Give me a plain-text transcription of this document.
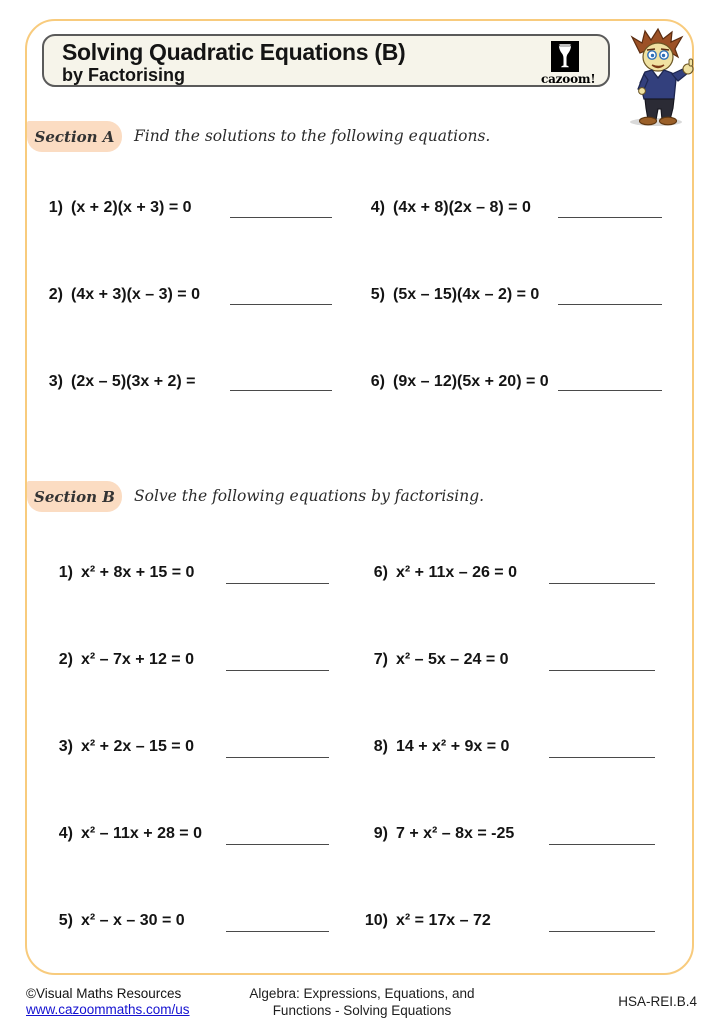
Solving Quadratic Equations (B)
by Factorising	cazoom!
Section A	Find the solutions to the following equations.
1) (x + 2)(x + 3) = 0
2) (4x + 3)(x – 3) = 0
3) (2x – 5)(3x + 2) =
4) (4x + 8)(2x – 8) = 0
5) (5x – 15)(4x – 2) = 0
6) (9x – 12)(5x + 20) = 0
Section B	Solve the following equations by factorising.
1) x² + 8x + 15 = 0
2) x² – 7x + 12 = 0
3) x² + 2x – 15 = 0
4) x² – 11x + 28 = 0
5) x² – x – 30 = 0
6) x² + 11x – 26 = 0
7) x² – 5x – 24 = 0
8) 14 + x² + 9x = 0
9) 7 + x² – 8x = -25
10) x² = 17x – 72
©Visual Maths Resources
www.cazoommaths.com/us
Algebra: Expressions, Equations, and
Functions - Solving Equations
HSA-REI.B.4
